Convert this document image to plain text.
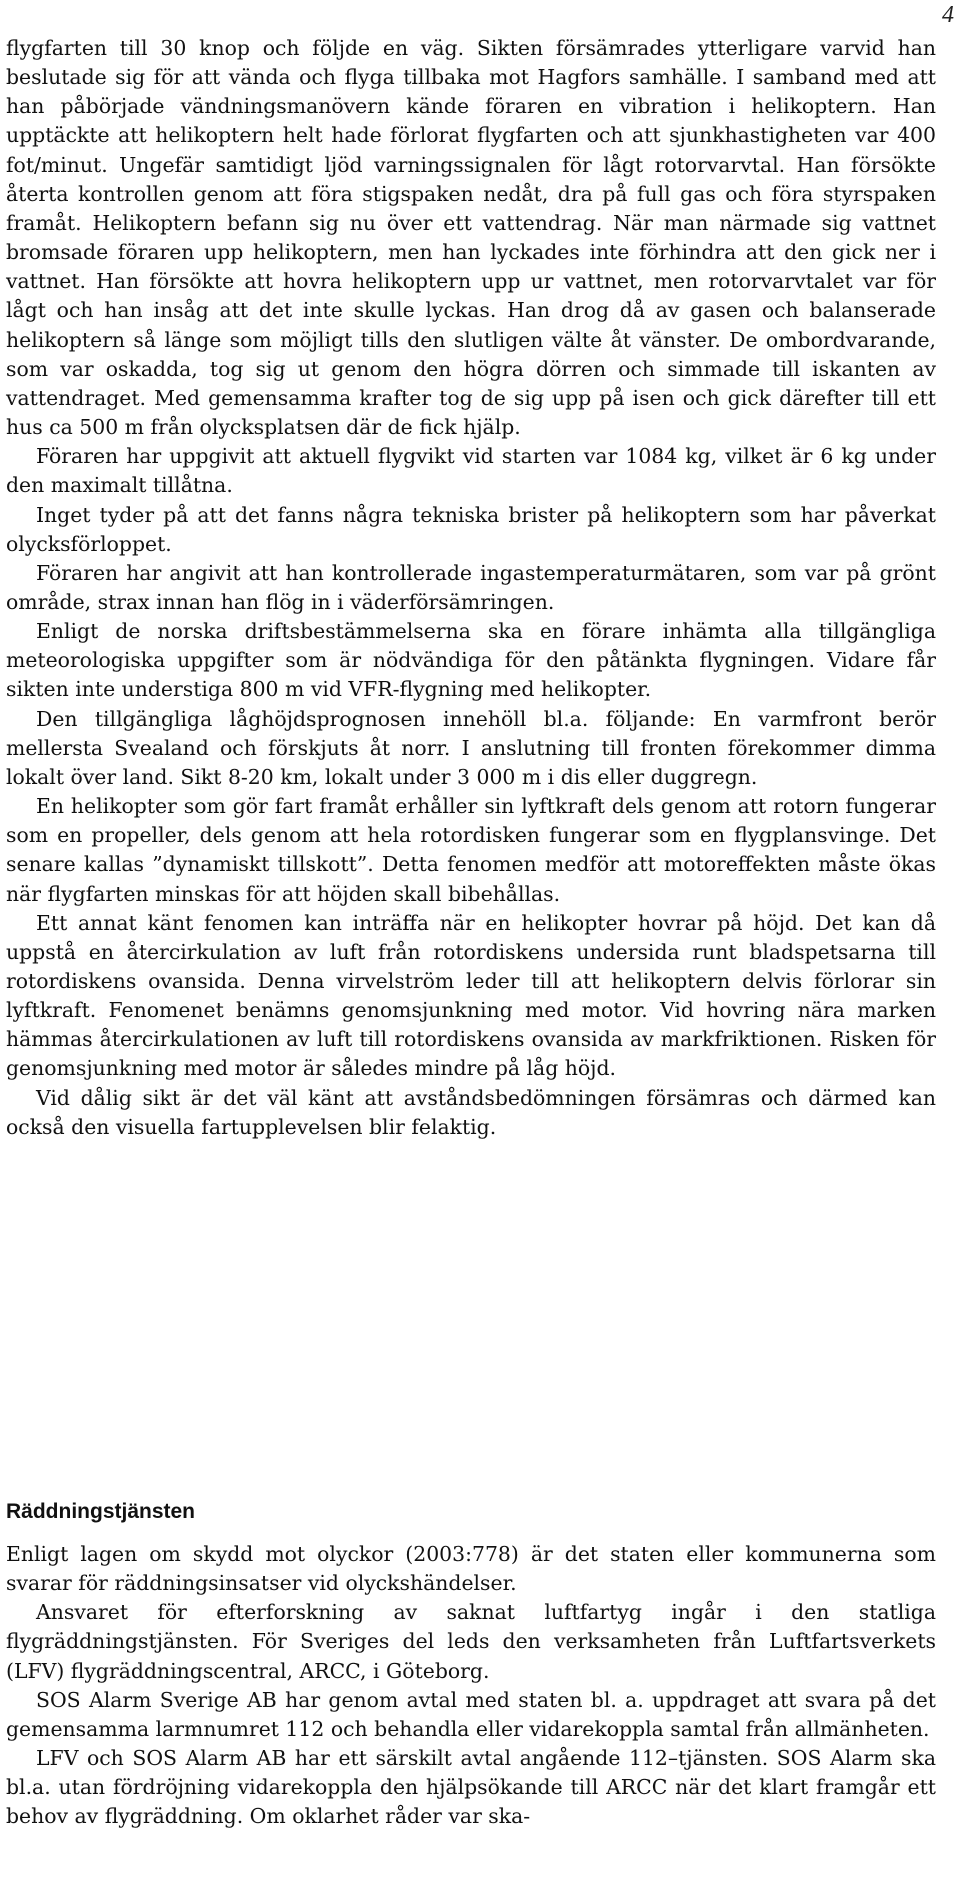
4

flygfarten till 30 knop och följde en väg. Sikten försämrades ytterligare varvid han beslutade sig för att vända och flyga tillbaka mot Hagfors samhälle. I samband med att han påbörjade vändningsmanövern kände föraren en vibration i helikoptern. Han upptäckte att helikoptern helt hade förlorat flygfarten och att sjunkhastigheten var 400 fot/minut. Ungefär samtidigt ljöd varningssignalen för lågt rotorvarvtal. Han försökte återta kontrollen genom att föra stigspaken nedåt, dra på full gas och föra styrspaken framåt. Helikoptern befann sig nu över ett vattendrag. När man närmade sig vattnet bromsade föraren upp helikoptern, men han lyckades inte förhindra att den gick ner i vattnet. Han försökte att hovra helikoptern upp ur vattnet, men rotorvarvtalet var för lågt och han insåg att det inte skulle lyckas. Han drog då av gasen och balanserade helikoptern så länge som möjligt tills den slutligen välte åt vänster. De ombordvarande, som var oskadda, tog sig ut genom den högra dörren och simmade till iskanten av vattendraget. Med gemensamma krafter tog de sig upp på isen och gick därefter till ett hus ca 500 m från olycksplatsen där de fick hjälp.

Föraren har uppgivit att aktuell flygvikt vid starten var 1084 kg, vilket är 6 kg under den maximalt tillåtna.

Inget tyder på att det fanns några tekniska brister på helikoptern som har påverkat olycksförloppet.

Föraren har angivit att han kontrollerade ingastemperaturmätaren, som var på grönt område, strax innan han flög in i väderförsämringen.

Enligt de norska driftsbestämmelserna ska en förare inhämta alla tillgängliga meteorologiska uppgifter som är nödvändiga för den påtänkta flygningen. Vidare får sikten inte understiga 800 m vid VFR-flygning med helikopter.

Den tillgängliga låghöjdsprognosen innehöll bl.a. följande: En varmfront berör mellersta Svealand och förskjuts åt norr. I anslutning till fronten förekommer dimma lokalt över land. Sikt 8-20 km, lokalt under 3 000 m i dis eller duggregn.

En helikopter som gör fart framåt erhåller sin lyftkraft dels genom att rotorn fungerar som en propeller, dels genom att hela rotordisken fungerar som en flygplansvinge. Det senare kallas ”dynamiskt tillskott”. Detta fenomen medför att motoreffekten måste ökas när flygfarten minskas för att höjden skall bibehållas.

Ett annat känt fenomen kan inträffa när en helikopter hovrar på höjd. Det kan då uppstå en återcirkulation av luft från rotordiskens undersida runt bladspetsarna till rotordiskens ovansida. Denna virvelström leder till att helikoptern delvis förlorar sin lyftkraft. Fenomenet benämns genomsjunkning med motor. Vid hovring nära marken hämmas återcirkulationen av luft till rotordiskens ovansida av markfriktionen. Risken för genomsjunkning med motor är således mindre på låg höjd.

Vid dålig sikt är det väl känt att avståndsbedömningen försämras och därmed kan också den visuella fartupplevelsen blir felaktig.

Räddningstjänsten

Enligt lagen om skydd mot olyckor (2003:778) är det staten eller kommunerna som svarar för räddningsinsatser vid olyckshändelser.

Ansvaret för efterforskning av saknat luftfartyg ingår i den statliga flygräddningstjänsten. För Sveriges del leds den verksamheten från Luftfartsverkets (LFV) flygräddningscentral, ARCC, i Göteborg.

SOS Alarm Sverige AB har genom avtal med staten bl. a. uppdraget att svara på det gemensamma larmnumret 112 och behandla eller vidarekoppla samtal från allmänheten.

LFV och SOS Alarm AB har ett särskilt avtal angående 112–tjänsten. SOS Alarm ska bl.a. utan fördröjning vidarekoppla den hjälpsökande till ARCC när det klart framgår ett behov av flygräddning. Om oklarhet råder var ska-
